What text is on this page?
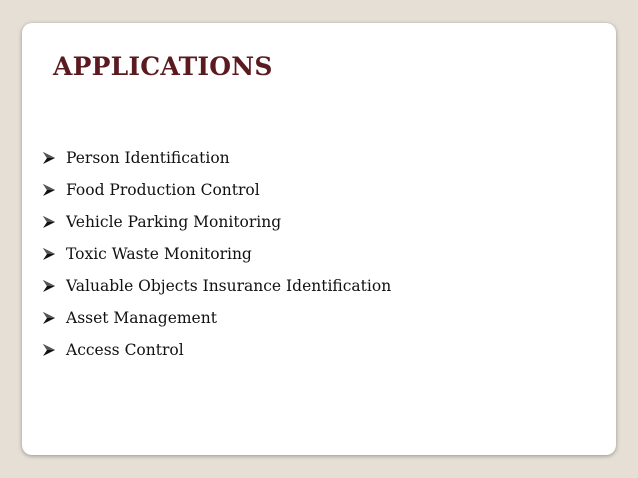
APPLICATIONS
Person Identification
Food Production Control
Vehicle Parking Monitoring
Toxic Waste Monitoring
Valuable Objects Insurance Identification
Asset Management
Access Control
